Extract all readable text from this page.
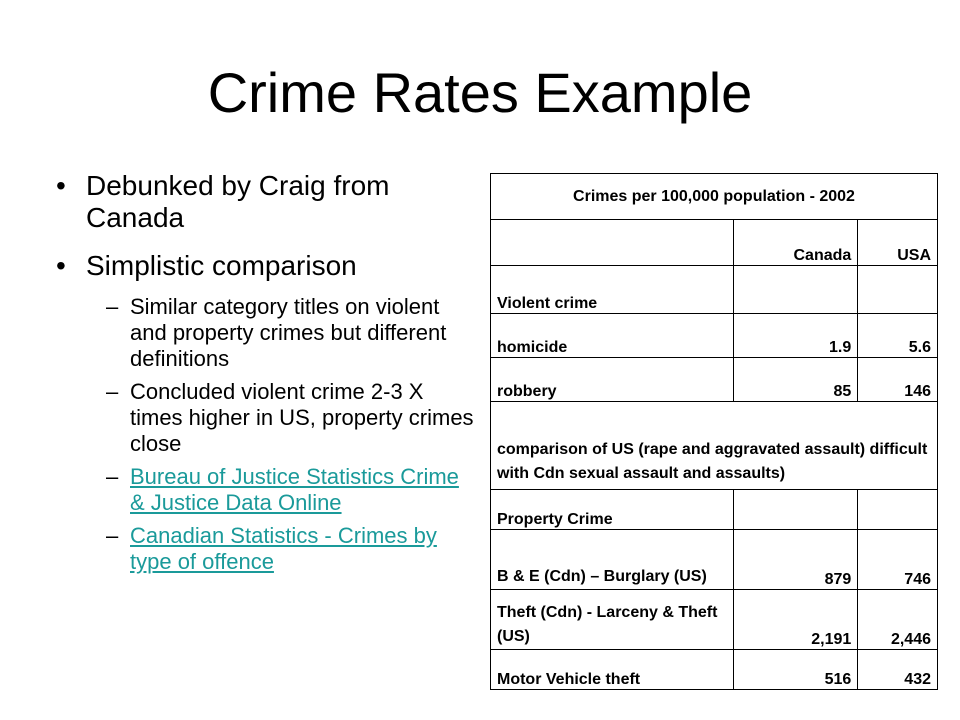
Crime Rates Example
• Debunked by Craig from Canada
• Simplistic comparison
– Similar category titles on violent and property crimes but different definitions
– Concluded violent crime 2-3 X times higher in US, property crimes close
– Bureau of Justice Statistics Crime & Justice Data Online
– Canadian Statistics - Crimes by type of offence
Crimes per 100,000 population - 2002		
	Canada	USA
Violent crime		
homicide	1.9	5.6
robbery	85	146
comparison of US (rape and aggravated assault) difficult with Cdn sexual assault and assaults)		
Property Crime		
B & E (Cdn) – Burglary (US)	879	746
Theft (Cdn) - Larceny & Theft (US)	2,191	2,446
Motor Vehicle theft	516	432
